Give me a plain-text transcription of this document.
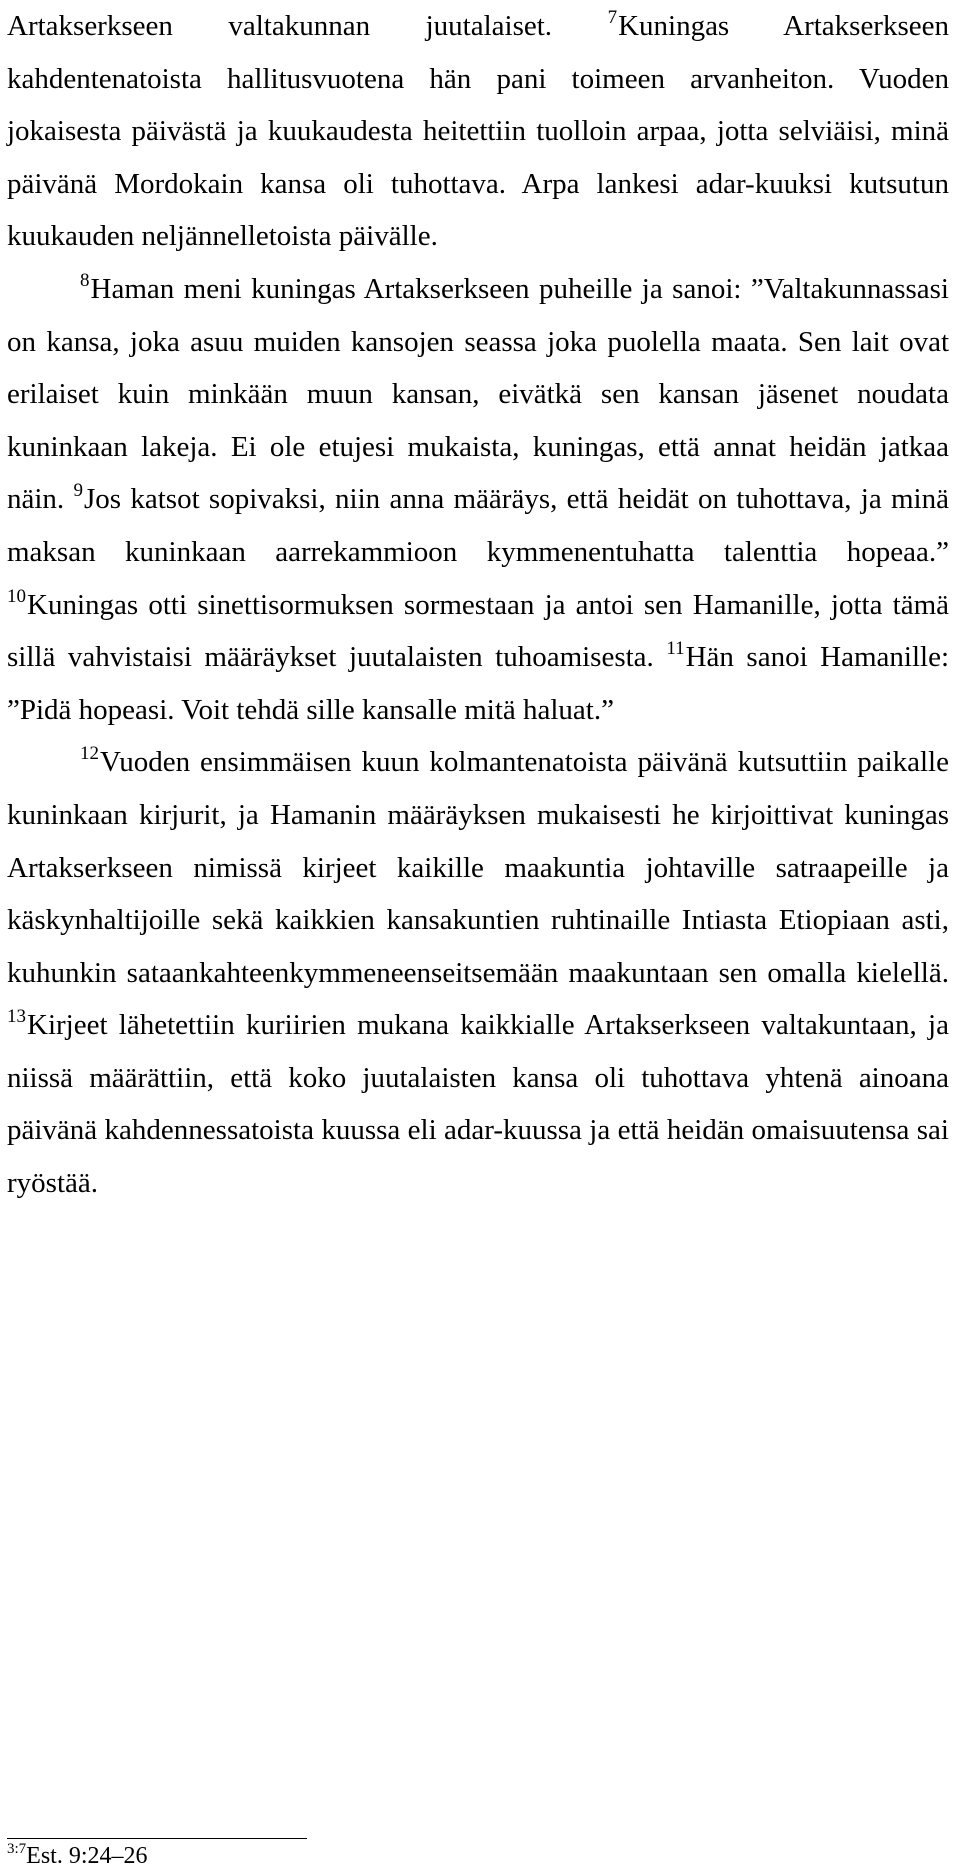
Artakserkseen valtakunnan juutalaiset. $^7$Kuningas Artakserkseen kahdentenatoista hallitusvuotena hän pani toimeen arvanheiton. Vuoden jokaisesta päivästä ja kuukaudesta heitettiin tuolloin arpaa, jotta selviäisi, minä päivänä Mordokain kansa oli tuhottava. Arpa lankesi adar-kuuksi kutsutun kuukauden neljännelletoista päivälle.

$^8$Haman meni kuningas Artakserkseen puheille ja sanoi: ”Valtakunnassasi on kansa, joka asuu muiden kansojen seassa joka puolella maata. Sen lait ovat erilaiset kuin minkään muun kansan, eivätkä sen kansan jäsenet noudata kuninkaan lakeja. Ei ole etujesi mukaista, kuningas, että annat heidän jatkaa näin. $^9$Jos katsot sopivaksi, niin anna määräys, että heidät on tuhottava, ja minä maksan kuninkaan aarrekammioon kymmenentuhatta talenttia hopeaa.” $^{10}$Kuningas otti sinettisormuksen sormestaan ja antoi sen Hamanille, jotta tämä sillä vahvistaisi määräykset juutalaisten tuhoamisesta. $^{11}$Hän sanoi Hamanille: ”Pidä hopeasi. Voit tehdä sille kansalle mitä haluat.”

$^{12}$Vuoden ensimmäisen kuun kolmantenatoista päivänä kutsuttiin paikalle kuninkaan kirjurit, ja Hamanin määräyksen mukaisesti he kirjoittivat kuningas Artakserkseen nimissä kirjeet kaikille maakuntia johtaville satraapeille ja käskynhaltijoille sekä kaikkien kansakuntien ruhtinaille Intiasta Etiopiaan asti, kuhunkin sataankahteenkymmeneenseitsemään maakuntaan sen omalla kielellä. $^{13}$Kirjeet lähetettiin kuriirien mukana kaikkialle Artakserkseen valtakuntaan, ja niissä määrättiin, että koko juutalaisten kansa oli tuhottava yhtenä ainoana päivänä kahdennessatoista kuussa eli adar-kuussa ja että heidän omaisuutensa sai ryöstää.

$^{3:7}$Est. 9:24–26
